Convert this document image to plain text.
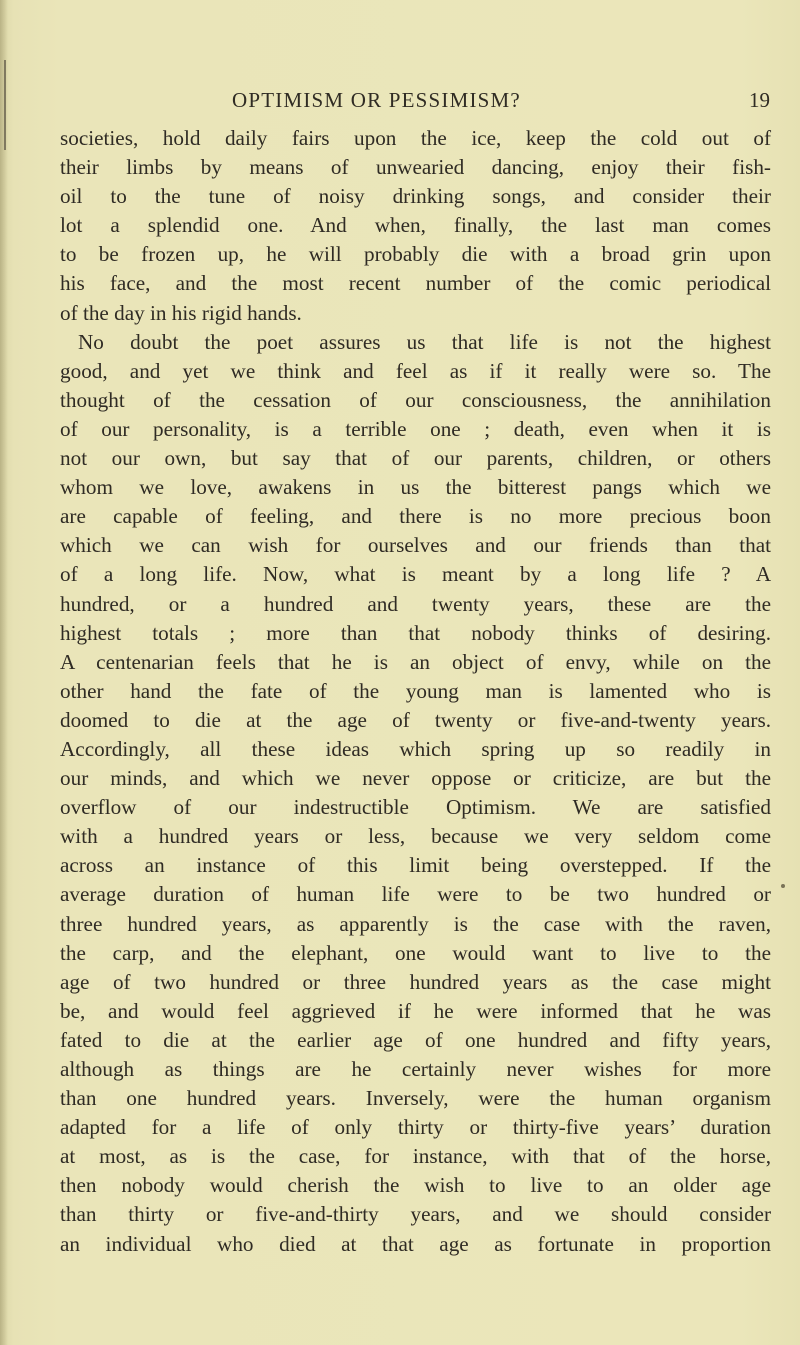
OPTIMISM OR PESSIMISM?	19
societies, hold daily fairs upon the ice, keep the cold out of
their limbs by means of unwearied dancing, enjoy their fish-
oil to the tune of noisy drinking songs, and consider their
lot a splendid one. And when, finally, the last man comes
to be frozen up, he will probably die with a broad grin upon
his face, and the most recent number of the comic periodical
of the day in his rigid hands.
No doubt the poet assures us that life is not the highest
good, and yet we think and feel as if it really were so. The
thought of the cessation of our consciousness, the annihilation
of our personality, is a terrible one ; death, even when it is
not our own, but say that of our parents, children, or others
whom we love, awakens in us the bitterest pangs which we
are capable of feeling, and there is no more precious boon
which we can wish for ourselves and our friends than that
of a long life. Now, what is meant by a long life ? A
hundred, or a hundred and twenty years, these are the
highest totals ; more than that nobody thinks of desiring.
A centenarian feels that he is an object of envy, while on the
other hand the fate of the young man is lamented who is
doomed to die at the age of twenty or five-and-twenty years.
Accordingly, all these ideas which spring up so readily in
our minds, and which we never oppose or criticize, are but the
overflow of our indestructible Optimism. We are satisfied
with a hundred years or less, because we very seldom come
across an instance of this limit being overstepped. If the
average duration of human life were to be two hundred or
three hundred years, as apparently is the case with the raven,
the carp, and the elephant, one would want to live to the
age of two hundred or three hundred years as the case might
be, and would feel aggrieved if he were informed that he was
fated to die at the earlier age of one hundred and fifty years,
although as things are he certainly never wishes for more
than one hundred years. Inversely, were the human organism
adapted for a life of only thirty or thirty-five years’ duration
at most, as is the case, for instance, with that of the horse,
then nobody would cherish the wish to live to an older age
than thirty or five-and-thirty years, and we should consider
an individual who died at that age as fortunate in proportion
